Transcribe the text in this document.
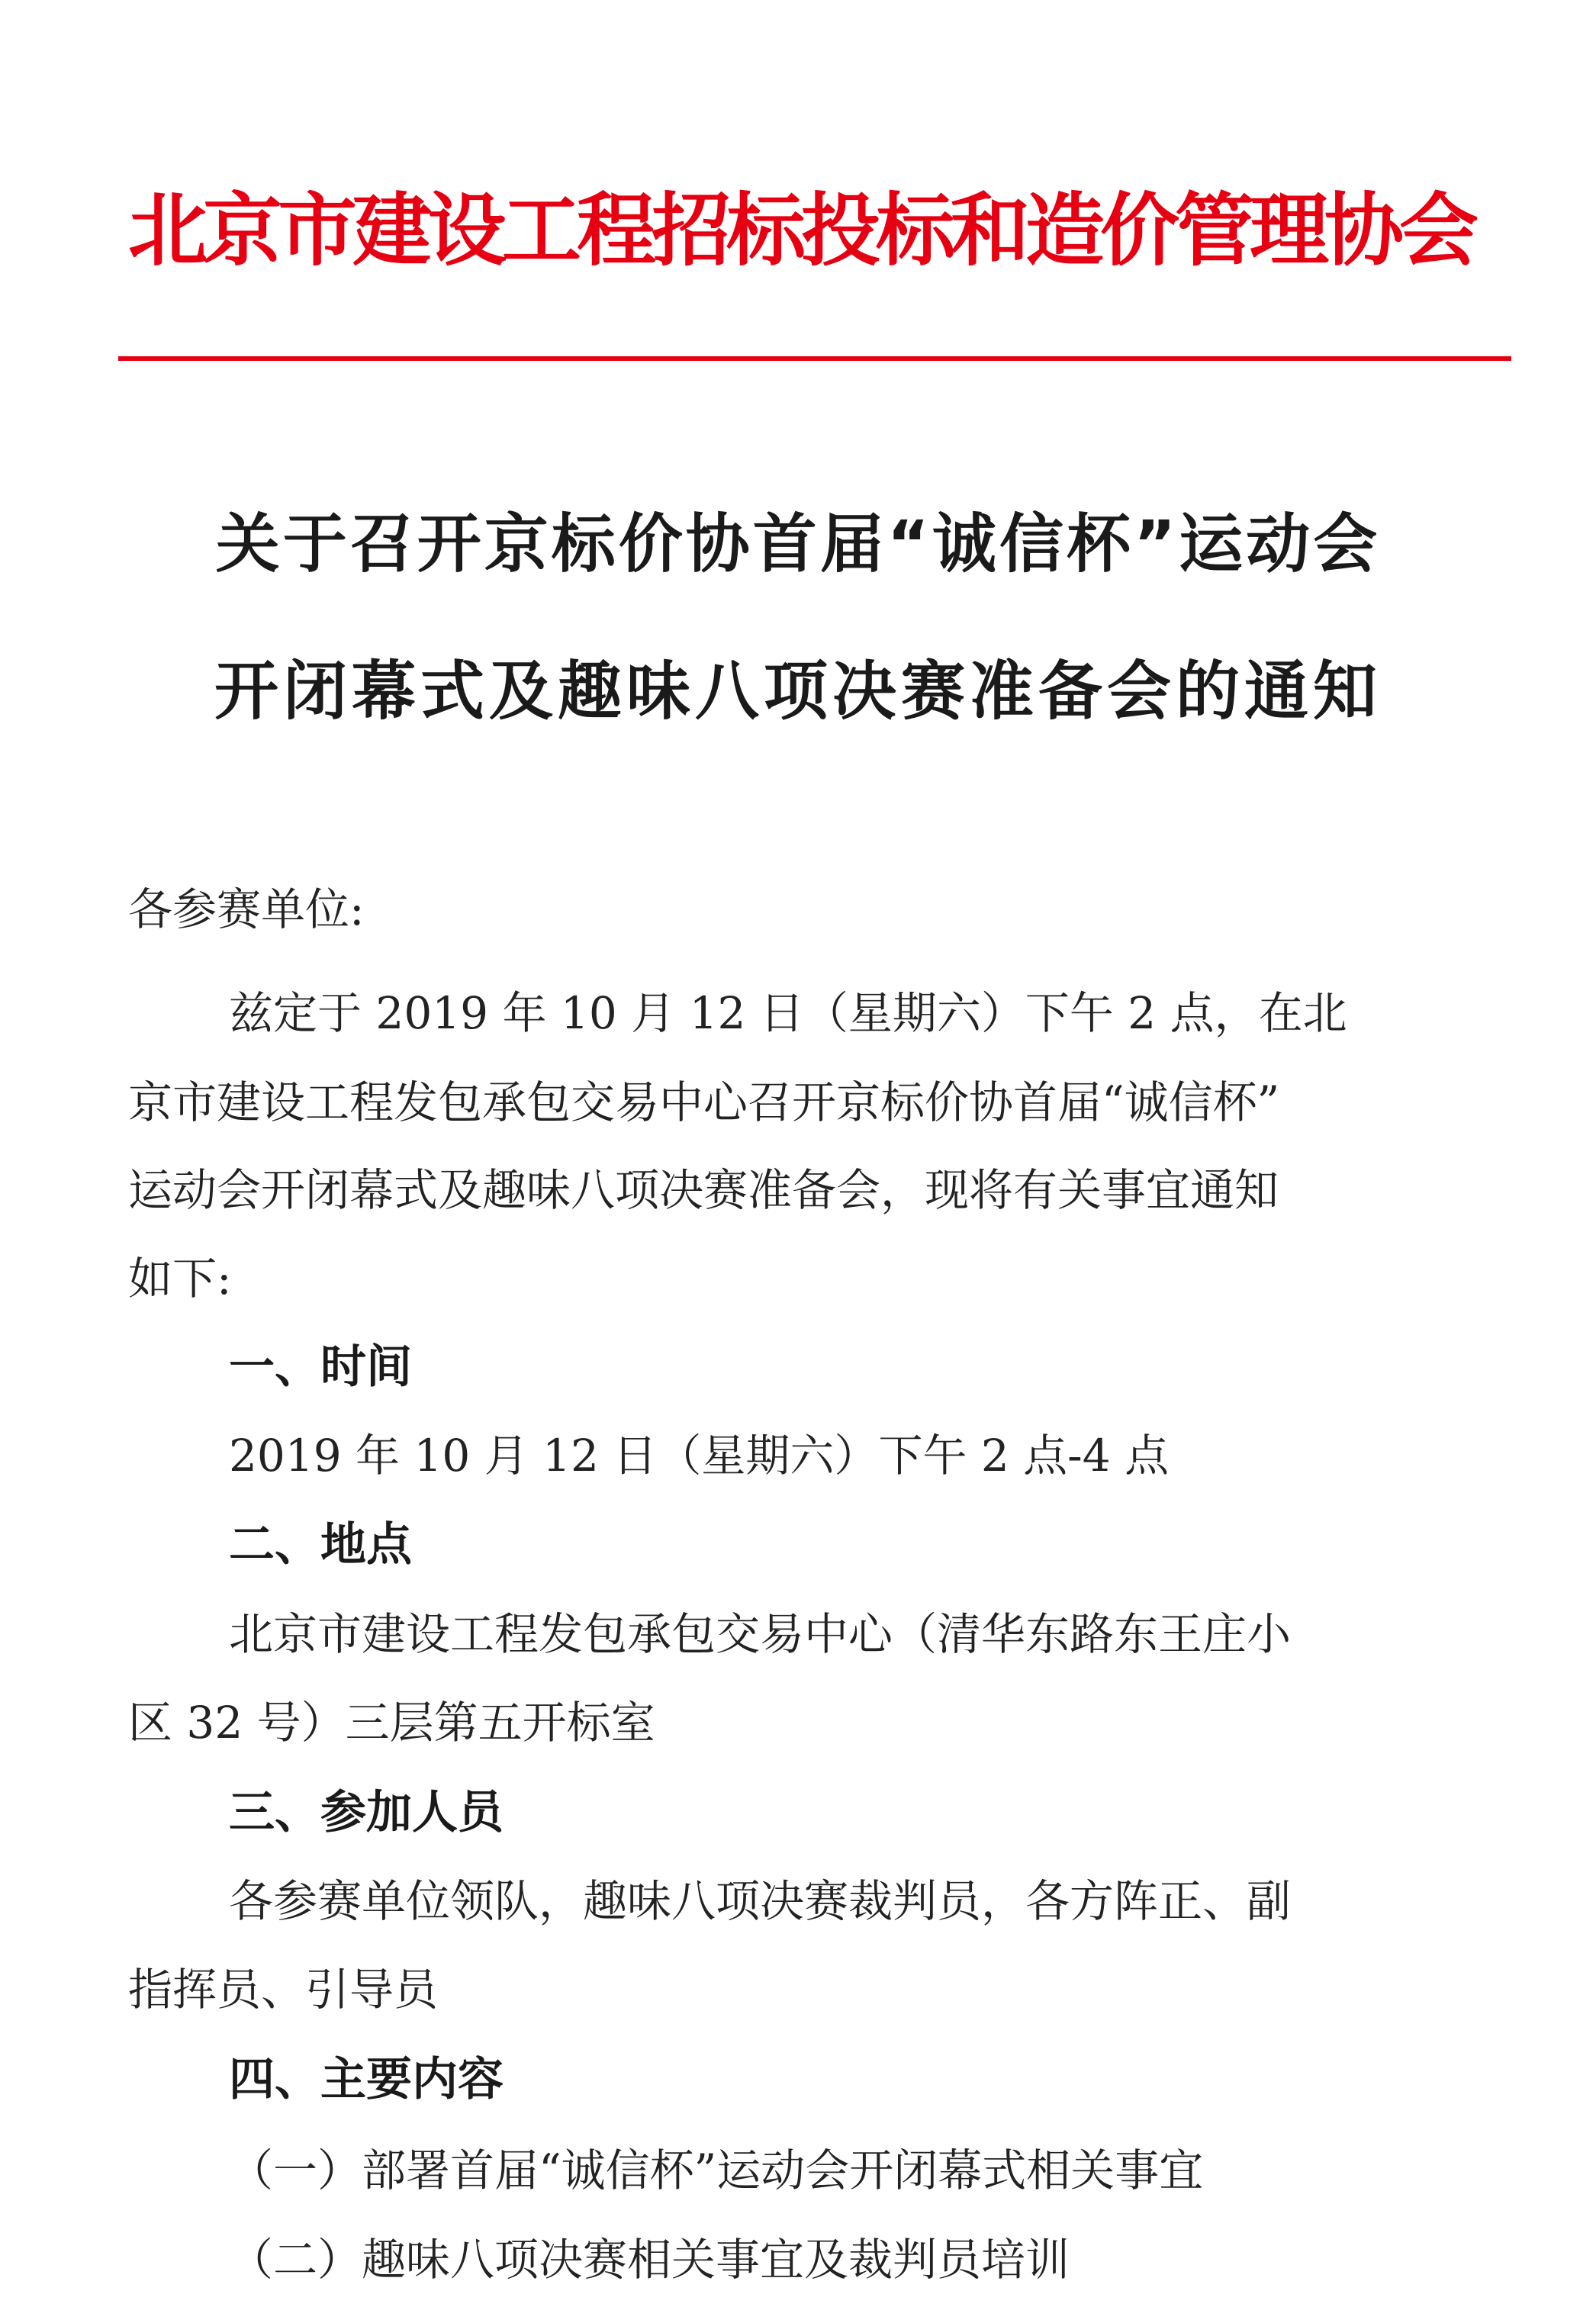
北京市建设工程招标投标和造价管理协会
关于召开京标价协首届“诚信杯”运动会
开闭幕式及趣味八项决赛准备会的通知
各参赛单位:
兹定于 2019 年 10 月 12 日（星期六）下午 2 点，在北
京市建设工程发包承包交易中心召开京标价协首届“诚信杯”
运动会开闭幕式及趣味八项决赛准备会，现将有关事宜通知
如下:
一、时间
2019 年 10 月 12 日（星期六）下午 2 点-4 点
二、地点
北京市建设工程发包承包交易中心（清华东路东王庄小
区 32 号）三层第五开标室
三、参加人员
各参赛单位领队，趣味八项决赛裁判员，各方阵正、副
指挥员、引导员
四、主要内容
（一）部署首届“诚信杯”运动会开闭幕式相关事宜
（二）趣味八项决赛相关事宜及裁判员培训
